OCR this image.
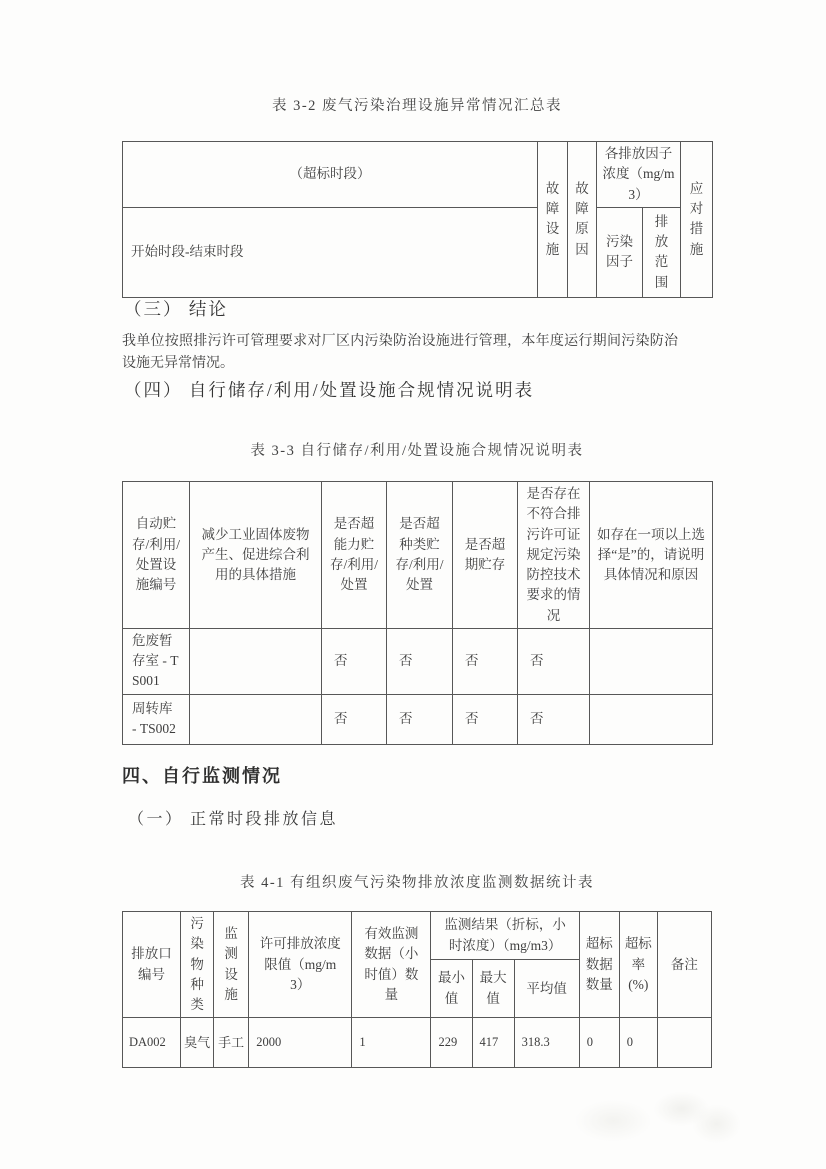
表 3-2 废气污染治理设施异常情况汇总表
（超标时段）	故障设施	故障原因	各排放因子浓度（mg/m3）		应对措施
开始时段-结束时段			污染因子	排放范围	
（三） 结论
我单位按照排污许可管理要求对厂区内污染防治设施进行管理，本年度运行期间污染防治设施无异常情况。
（四） 自行储存/利用/处置设施合规情况说明表
表 3-3 自行储存/利用/处置设施合规情况说明表
自动贮存/利用/处置设施编号	减少工业固体废物产生、促进综合利用的具体措施	是否超能力贮存/利用/处置	是否超种类贮存/利用/处置	是否超期贮存	是否存在不符合排污许可证规定污染防控技术要求的情况	如存在一项以上选择“是”的，请说明具体情况和原因
危废暂存室 - TS001		否	否	否	否	
周转库 - TS002		否	否	否	否	
四、自行监测情况
（一） 正常时段排放信息
表 4-1 有组织废气污染物排放浓度监测数据统计表
排放口编号	污染物种类	监测设施	许可排放浓度限值（mg/m3）	有效监测数据（小时值）数量	监测结果（折标，小时浓度）（mg/m3）			超标数据数量	超标率(%)	备注
					最小值	最大值	平均值			
DA002	臭气	手工	2000	1	229	417	318.3	0	0	
